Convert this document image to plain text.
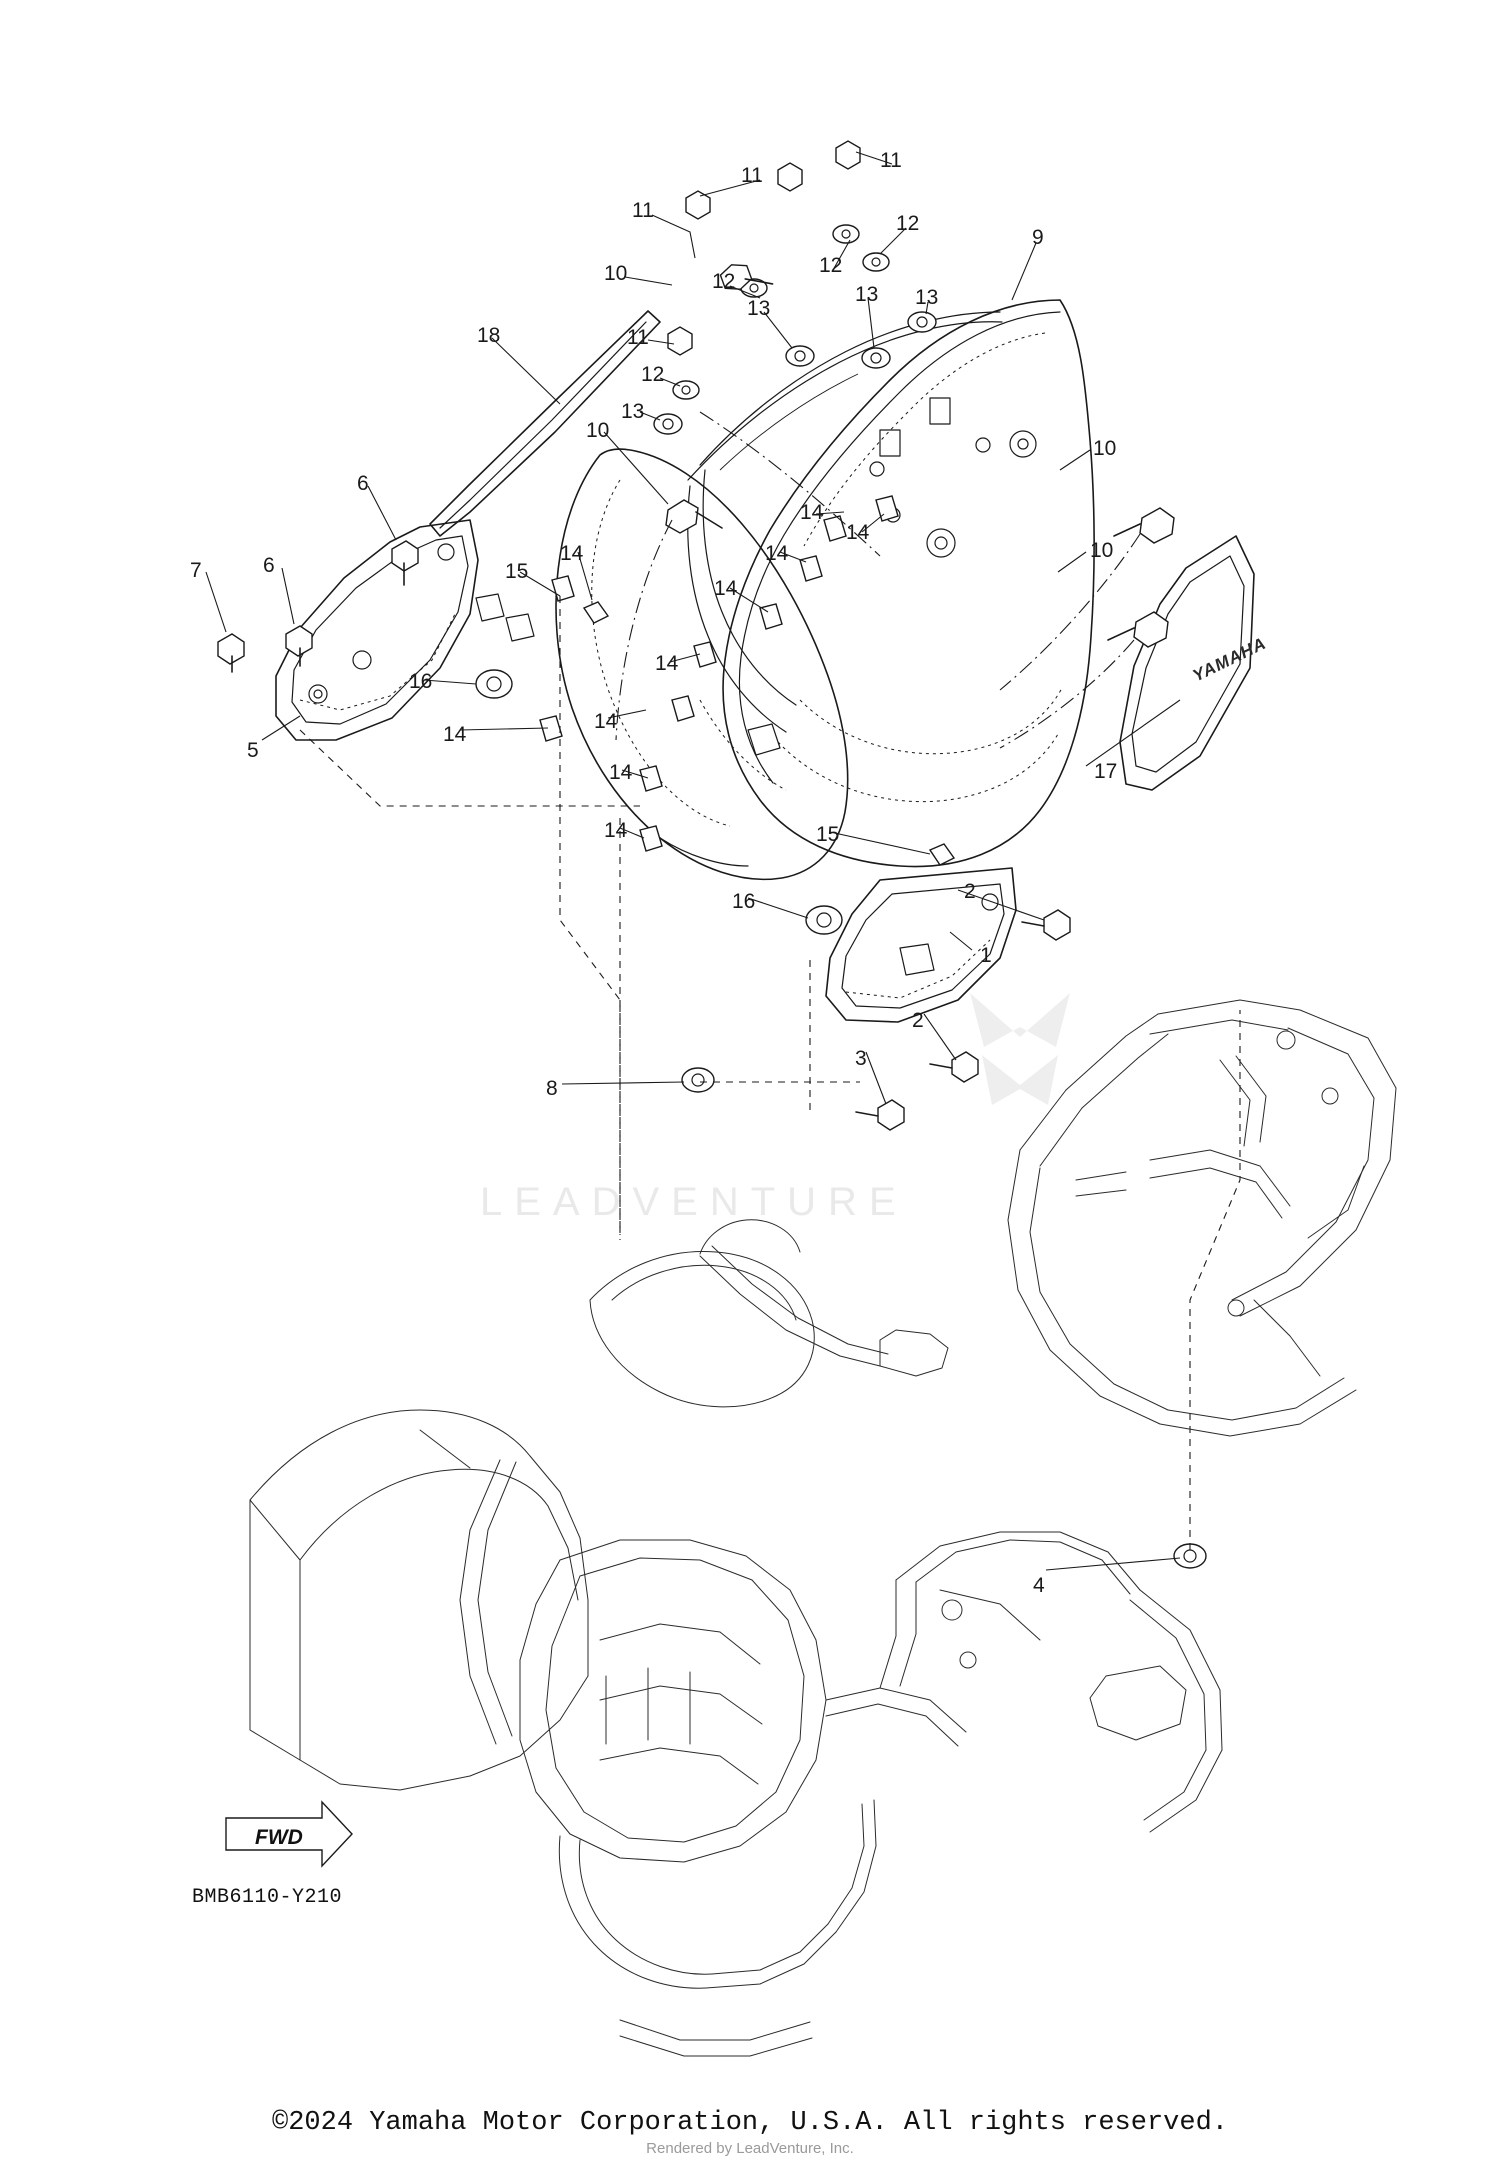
LEADVENTURE
YAMAHA
11
11
11
12
10	12
12
13
9
13
13
11
18
12
13
10
10
6
14
14
14	10
7	6	15
14
14
16
14
14
5
14
17
14
15
14
2
16
1
2
3
8
4
FWD
BMB6110-Y210
©2024 Yamaha Motor Corporation, U.S.A. All rights reserved.
Rendered by LeadVenture, Inc.
